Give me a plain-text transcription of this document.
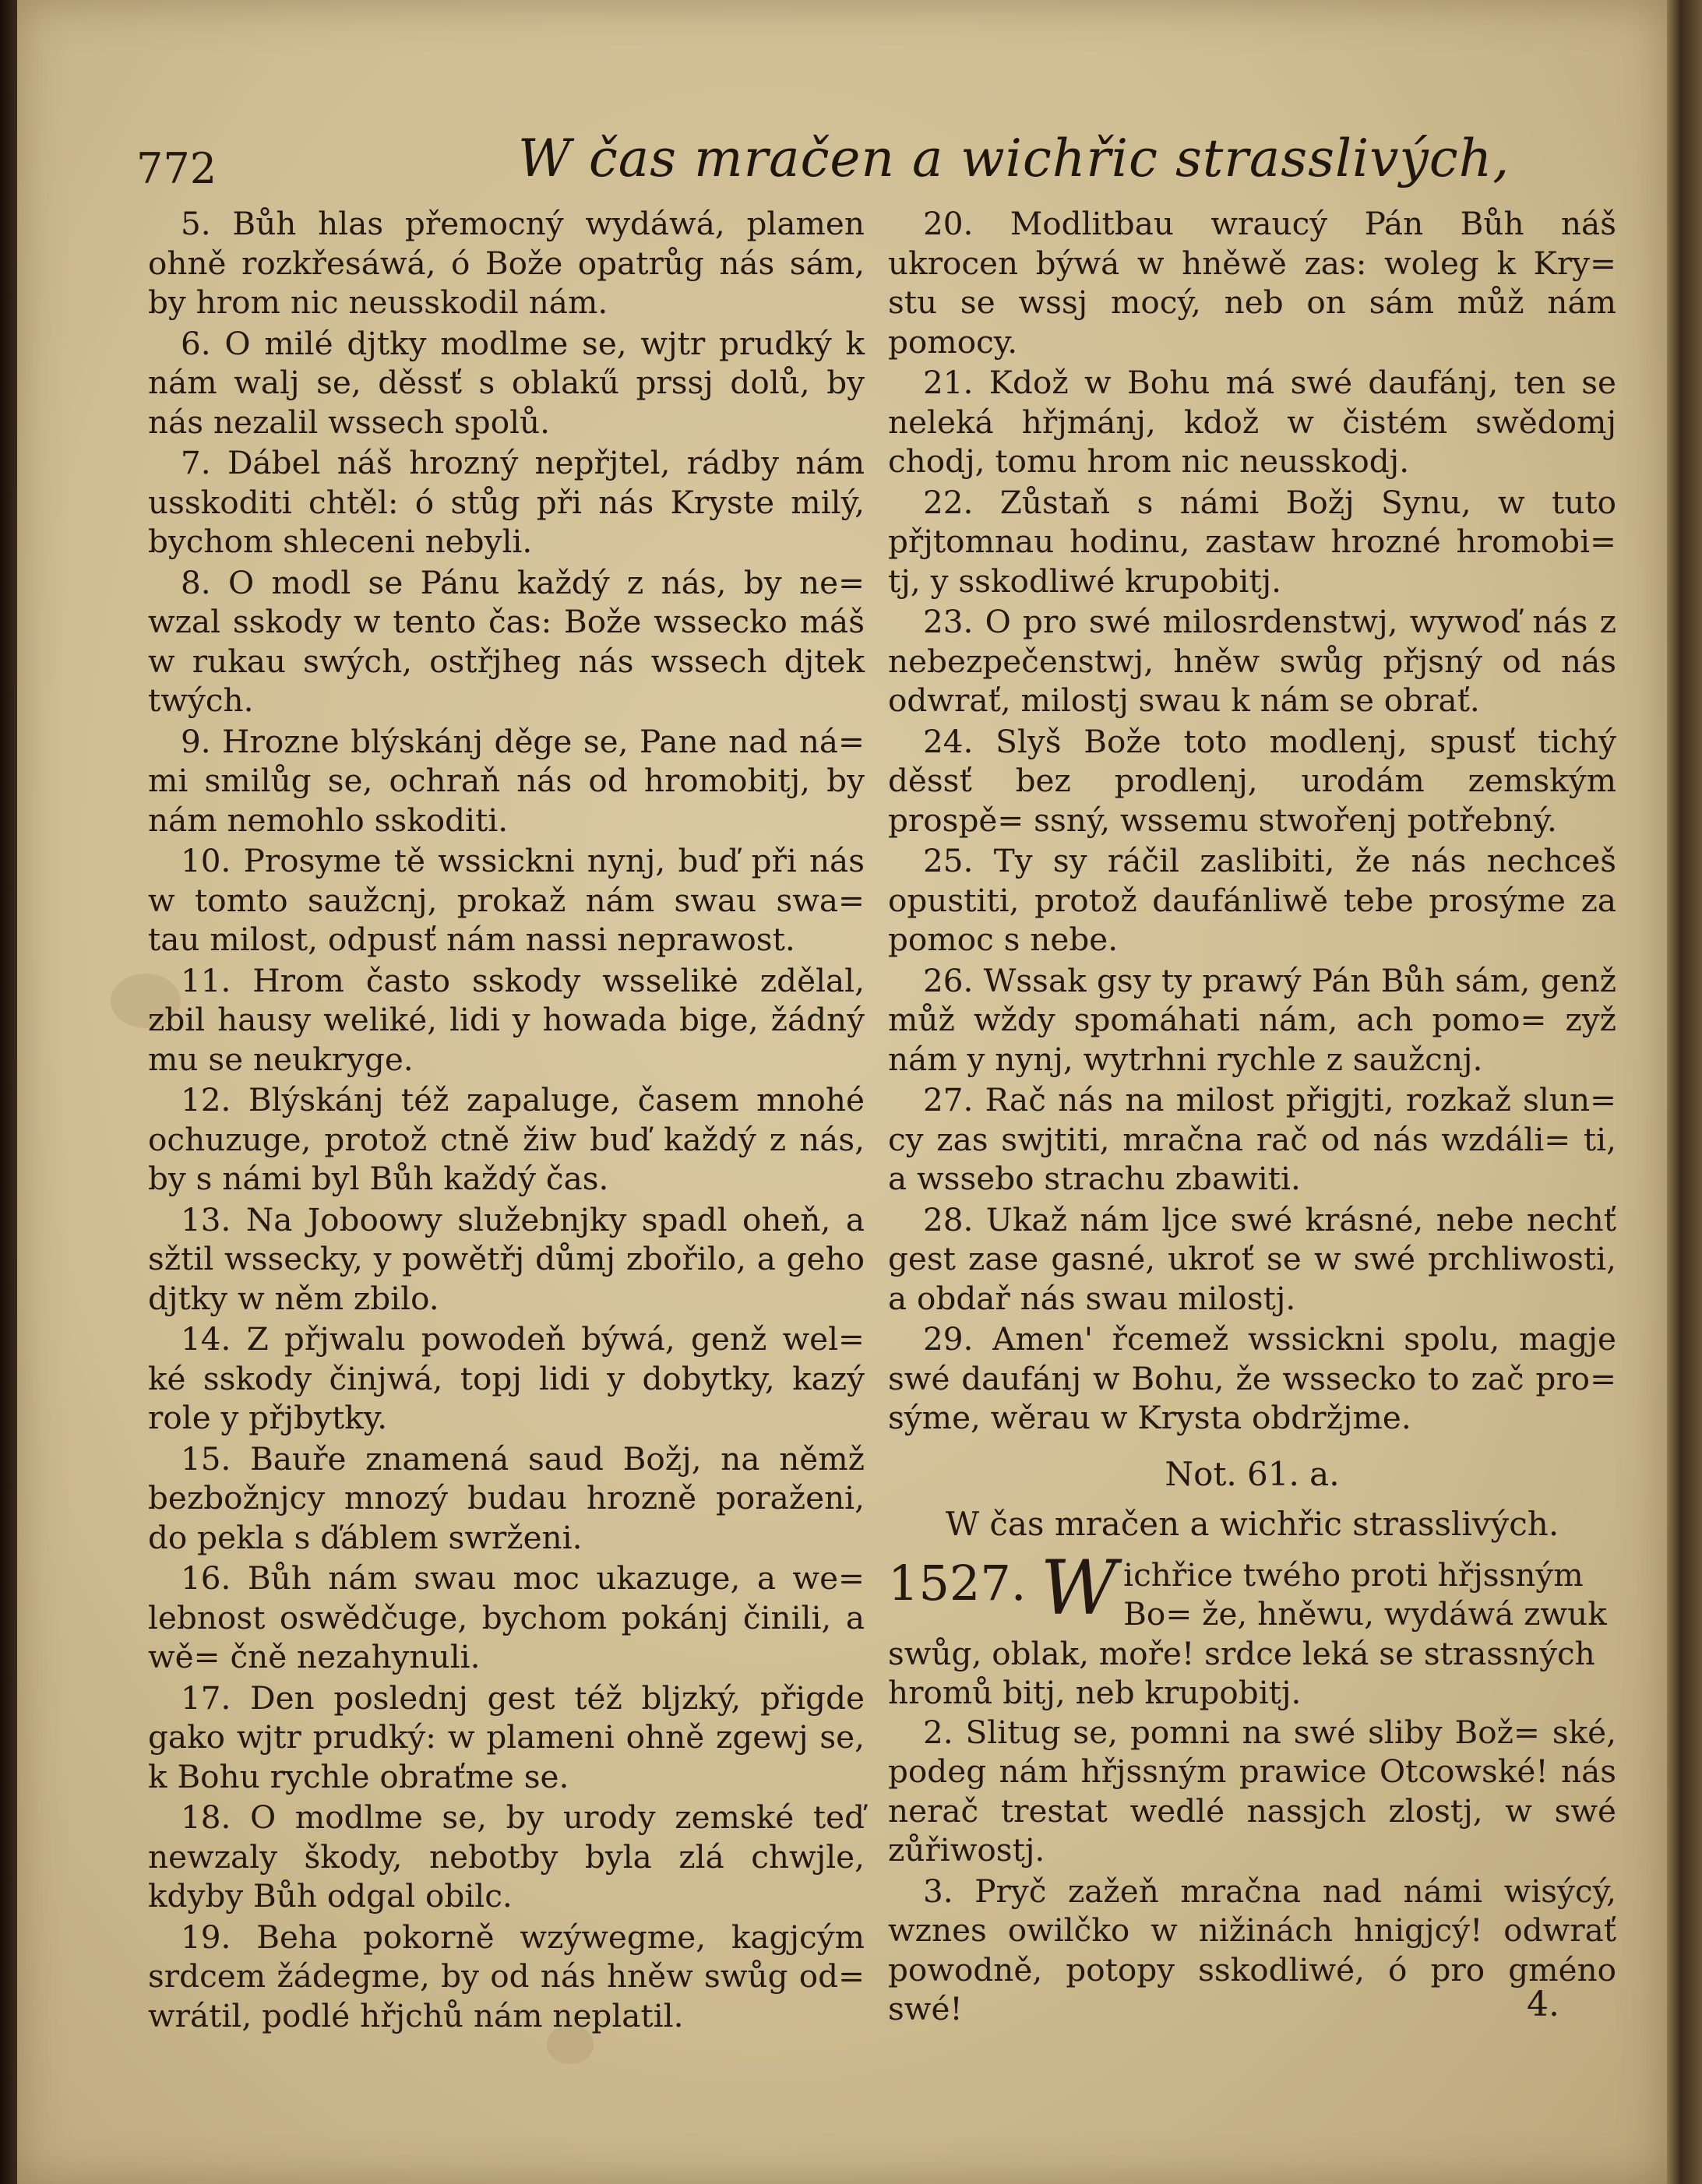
772	W čas mračen a wichřic strasslivých,

5. Bůh hlas přemocný wydáwá, plamen ohně rozkřesáwá, ó Bože opatrůg nás sám, by hrom nic neusskodil nám.

6. O milé djtky modlme se, wjtr prudký k nám walj se, děssť s oblakű prssj dolů, by nás nezalil wssech spolů.

7. Dábel náš hrozný nepřjtel, rádby nám usskoditi chtěl: ó stůg při nás Kryste milý, bychom shleceni nebyli.

8. O modl se Pánu každý z nás, by ne= wzal sskody w tento čas: Bože wssecko máš w rukau swých, ostřjheg nás wssech djtek twých.

9. Hrozne blýskánj děge se, Pane nad ná= mi smilůg se, ochraň nás od hromobitj, by nám nemohlo sskoditi.

10. Prosyme tě wssickni nynj, buď při nás w tomto saužcnj, prokaž nám swau swa= tau milost, odpusť nám nassi neprawost.

11. Hrom často sskody wsselikė zdělal, zbil hausy weliké, lidi y howada bige, žádný mu se neukryge.

12. Blýskánj též zapaluge, časem mnohé ochuzuge, protož ctně žiw buď každý z nás, by s námi byl Bůh každý čas.

13. Na Joboowy služebnjky spadl oheň, a sžtil wssecky, y powětřj důmj zbořilo, a geho djtky w něm zbilo.

14. Z přjwalu powodeň býwá, genž wel= ké sskody činjwá, topj lidi y dobytky, kazý role y přjbytky.

15. Bauře znamená saud Božj, na němž bezbožnjcy mnozý budau hrozně poraženi, do pekla s ďáblem swrženi.

16. Bůh nám swau moc ukazuge, a we= lebnost oswědčuge, bychom pokánj činili, a wě= čně nezahynuli.

17. Den poslednj gest též bljzký, přigde gako wjtr prudký: w plameni ohně zgewj se, k Bohu rychle obraťme se.

18. O modlme se, by urody zemské teď newzaly škody, nebotby byla zlá chwjle, kdyby Bůh odgal obilc.

19. Beha pokorně wzýwegme, kagjcým srdcem žádegme, by od nás hněw swůg od= wrátil, podlé hřjchů nám neplatil.

20. Modlitbau wraucý Pán Bůh náš ukrocen býwá w hněwě zas: woleg k Kry= stu se wssj mocý, neb on sám můž nám pomocy.

21. Kdož w Bohu má swé daufánj, ten se neleká hřjmánj, kdož w čistém swědomj chodj, tomu hrom nic neusskodj.

22. Zůstaň s námi Božj Synu, w tuto přjtomnau hodinu, zastaw hrozné hromobi= tj, y sskodliwé krupobitj.

23. O pro swé milosrdenstwj, wywoď nás z nebezpečenstwj, hněw swůg přjsný od nás odwrať, milostj swau k nám se obrať.

24. Slyš Bože toto modlenj, spusť tichý děssť bez prodlenj, urodám zemským prospě= ssný, wssemu stwořenj potřebný.

25. Ty sy ráčil zaslibiti, že nás nechceš opustiti, protož daufánliwě tebe prosýme za pomoc s nebe.

26. Wssak gsy ty prawý Pán Bůh sám, genž můž wždy spomáhati nám, ach pomo= zyž nám y nynj, wytrhni rychle z saužcnj.

27. Rač nás na milost přigjti, rozkaž slun= cy zas swjtiti, mračna rač od nás wzdáli= ti, a wssebo strachu zbawiti.

28. Ukaž nám ljce swé krásné, nebe nechť gest zase gasné, ukroť se w swé prchliwosti, a obdař nás swau milostj.

29. Amen' řcemež wssickni spolu, magje swé daufánj w Bohu, že wssecko to zač pro= sýme, wěrau w Krysta obdržjme.

Not. 61. a.
W čas mračen a wichřic strasslivých.
1527. W ichřice twého proti hřjssným Bo= že, hněwu, wydáwá zwuk swůg, oblak, moře! srdce leká se strassných hromů bitj, neb krupobitj.

2. Slitug se, pomni na swé sliby Bož= ské, podeg nám hřjssným prawice Otcowské! nás nerač trestat wedlé nassjch zlostj, w swé zůřiwostj.

3. Pryč zažeň mračna nad námi wisýcý, wznes owilčko w nižinách hnigjcý! odwrať powodně, potopy sskodliwé, ó pro gméno swé!	4.
